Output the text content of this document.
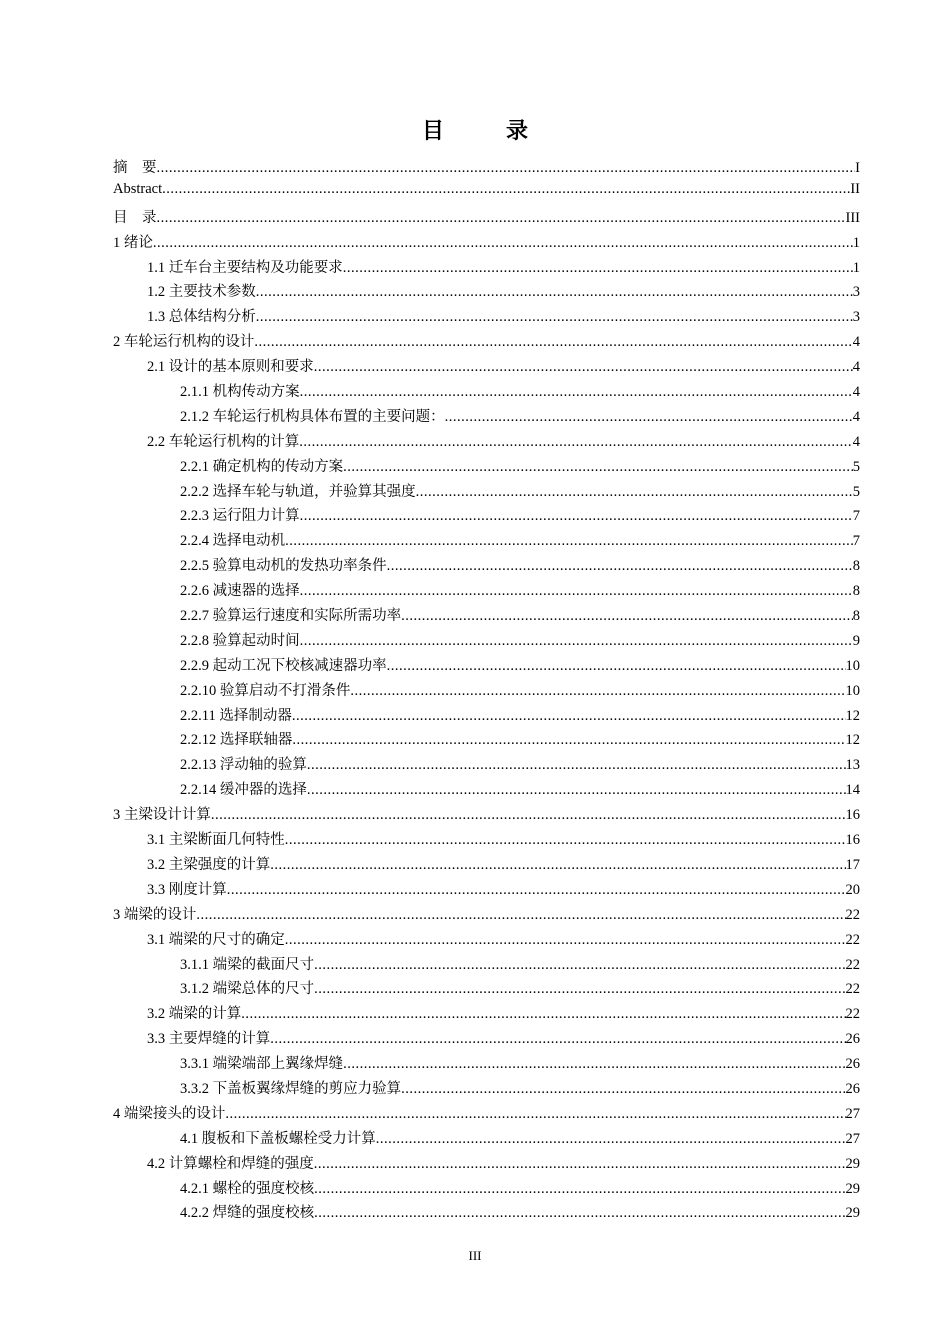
目　录
摘　要 .....	I
Abstract .....	II
目　录 .....	III
1 绪论 .....	1
1.1 迁车台主要结构及功能要求 .....	1
1.2 主要技术参数 .....	3
1.3 总体结构分析 .....	3
2 车轮运行机构的设计 .....	4
2.1 设计的基本原则和要求 .....	4
2.1.1 机构传动方案 .....	4
2.1.2 车轮运行机构具体布置的主要问题： .....	4
2.2 车轮运行机构的计算 .....	4
2.2.1 确定机构的传动方案 .....	5
2.2.2 选择车轮与轨道，并验算其强度 .....	5
2.2.3 运行阻力计算 .....	7
2.2.4 选择电动机 .....	7
2.2.5 验算电动机的发热功率条件 .....	8
2.2.6 减速器的选择 .....	8
2.2.7 验算运行速度和实际所需功率 .....	8
2.2.8 验算起动时间 .....	9
2.2.9 起动工况下校核减速器功率 .....	10
2.2.10 验算启动不打滑条件 .....	10
2.2.11 选择制动器 .....	12
2.2.12 选择联轴器 .....	12
2.2.13 浮动轴的验算 .....	13
2.2.14 缓冲器的选择 .....	14
3 主梁设计计算 .....	16
3.1 主梁断面几何特性 .....	16
3.2 主梁强度的计算 .....	17
3.3 刚度计算 .....	20
3 端梁的设计 .....	22
3.1 端梁的尺寸的确定 .....	22
3.1.1 端梁的截面尺寸 .....	22
3.1.2 端梁总体的尺寸 .....	22
3.2 端梁的计算 .....	22
3.3 主要焊缝的计算 .....	26
3.3.1 端梁端部上翼缘焊缝 .....	26
3.3.2 下盖板翼缘焊缝的剪应力验算 .....	26
4 端梁接头的设计 .....	27
4.1 腹板和下盖板螺栓受力计算 .....	27
4.2 计算螺栓和焊缝的强度 .....	29
4.2.1 螺栓的强度校核 .....	29
4.2.2 焊缝的强度校核 .....	29
III
